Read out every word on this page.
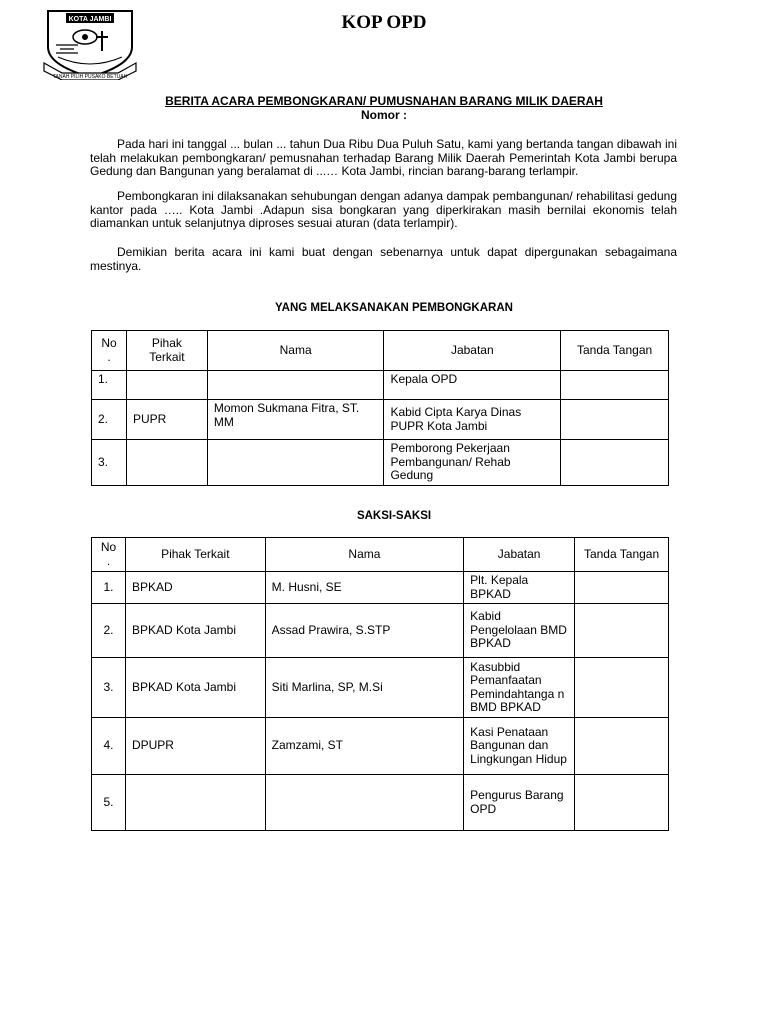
KOTA JAMBI
TANAH PILIH PUSAKO BETUAH
KOP OPD
BERITA ACARA PEMBONGKARAN/ PUMUSNAHAN BARANG MILIK DAERAH
Nomor :
Pada hari ini tanggal ... bulan ... tahun Dua Ribu Dua Puluh Satu, kami yang bertanda tangan dibawah ini telah melakukan pembongkaran/ pemusnahan terhadap Barang Milik Daerah Pemerintah Kota Jambi berupa Gedung dan Bangunan yang beralamat di ...… Kota Jambi, rincian barang-barang terlampir.
Pembongkaran ini dilaksanakan sehubungan dengan adanya dampak pembangunan/ rehabilitasi gedung kantor pada ….. Kota Jambi .Adapun sisa bongkaran yang diperkirakan masih bernilai ekonomis telah diamankan untuk selanjutnya diproses sesuai aturan (data terlampir).
Demikian berita acara ini kami buat dengan sebenarnya untuk dapat dipergunakan sebagaimana mestinya.
YANG MELAKSANAKAN PEMBONGKARAN
No .	Pihak Terkait	Nama	Jabatan	Tanda Tangan
1.			Kepala OPD	
2.	PUPR	Momon Sukmana Fitra, ST. MM	Kabid Cipta Karya Dinas PUPR Kota Jambi	
3.			Pemborong Pekerjaan Pembangunan/ Rehab Gedung	
SAKSI-SAKSI
No .	Pihak Terkait	Nama	Jabatan	Tanda Tangan
1.	BPKAD	M. Husni, SE	Plt. Kepala BPKAD	
2.	BPKAD Kota Jambi	Assad Prawira, S.STP	Kabid Pengelolaan BMD BPKAD	
3.	BPKAD Kota Jambi	Siti Marlina, SP, M.Si	Kasubbid Pemanfaatan Pemindahtanga n BMD BPKAD	
4.	DPUPR	Zamzami, ST	Kasi Penataan Bangunan dan Lingkungan Hidup	
5.			Pengurus Barang OPD	
